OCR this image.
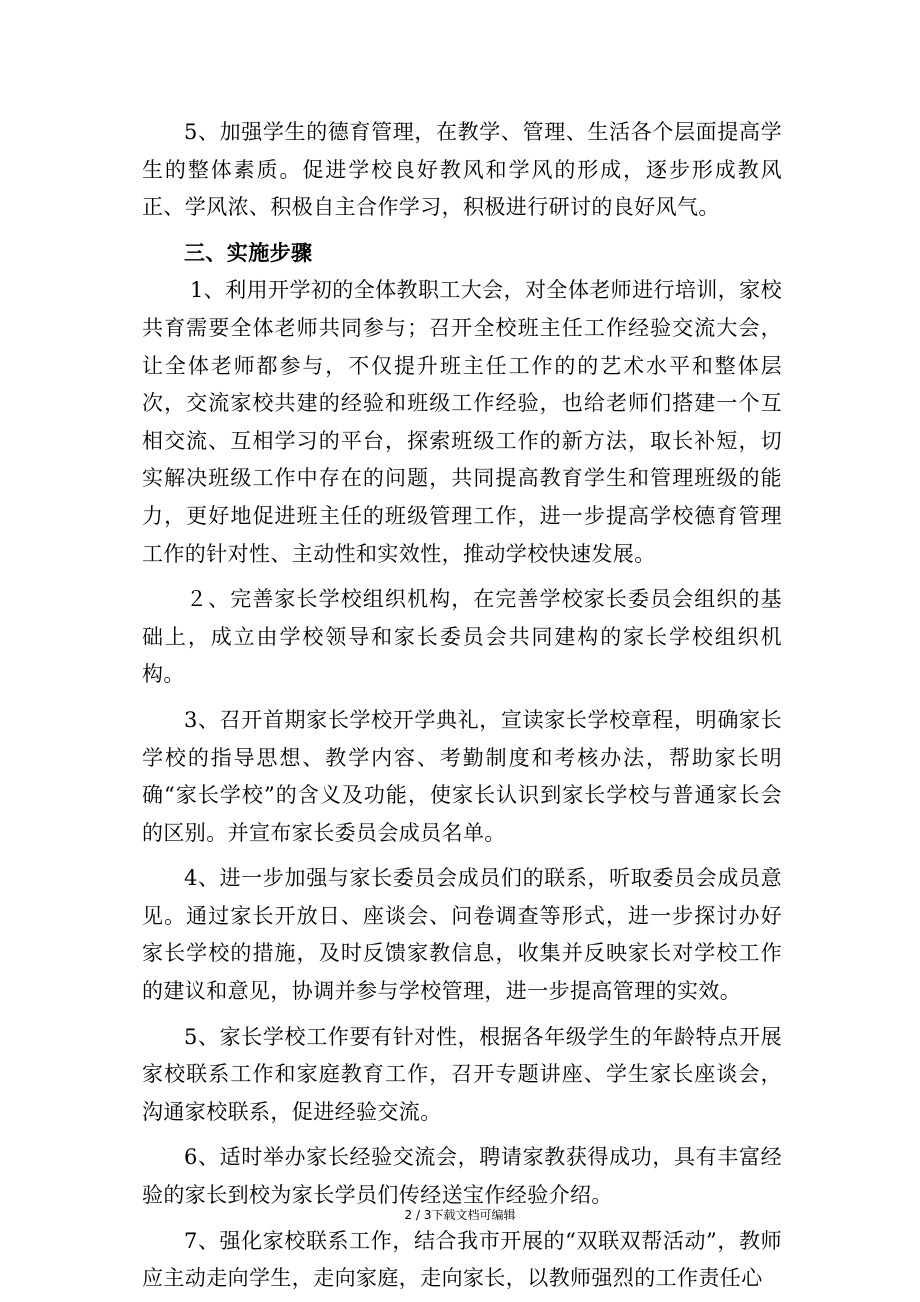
5、加强学生的德育管理，在教学、管理、生活各个层面提高学生的整体素质。促进学校良好教风和学风的形成，逐步形成教风正、学风浓、积极自主合作学习，积极进行研讨的良好风气。

三、实施步骤

1、利用开学初的全体教职工大会，对全体老师进行培训，家校共育需要全体老师共同参与；召开全校班主任工作经验交流大会，让全体老师都参与，不仅提升班主任工作的的艺术水平和整体层次，交流家校共建的经验和班级工作经验，也给老师们搭建一个互相交流、互相学习的平台，探索班级工作的新方法，取长补短，切实解决班级工作中存在的问题，共同提高教育学生和管理班级的能力，更好地促进班主任的班级管理工作，进一步提高学校德育管理工作的针对性、主动性和实效性，推动学校快速发展。

２、完善家长学校组织机构，在完善学校家长委员会组织的基础上，成立由学校领导和家长委员会共同建构的家长学校组织机构。

3、召开首期家长学校开学典礼，宣读家长学校章程，明确家长学校的指导思想、教学内容、考勤制度和考核办法，帮助家长明确“家长学校”的含义及功能，使家长认识到家长学校与普通家长会的区别。并宣布家长委员会成员名单。

4、进一步加强与家长委员会成员们的联系，听取委员会成员意见。通过家长开放日、座谈会、问卷调查等形式，进一步探讨办好家长学校的措施，及时反馈家教信息，收集并反映家长对学校工作的建议和意见，协调并参与学校管理，进一步提高管理的实效。

5、家长学校工作要有针对性，根据各年级学生的年龄特点开展家校联系工作和家庭教育工作，召开专题讲座、学生家长座谈会，沟通家校联系，促进经验交流。

6、适时举办家长经验交流会，聘请家教获得成功，具有丰富经验的家长到校为家长学员们传经送宝作经验介绍。

7、强化家校联系工作，结合我市开展的“双联双帮活动”，教师应主动走向学生，走向家庭，走向家长，以教师强烈的工作责任心

2 / 3下载文档可编辑
